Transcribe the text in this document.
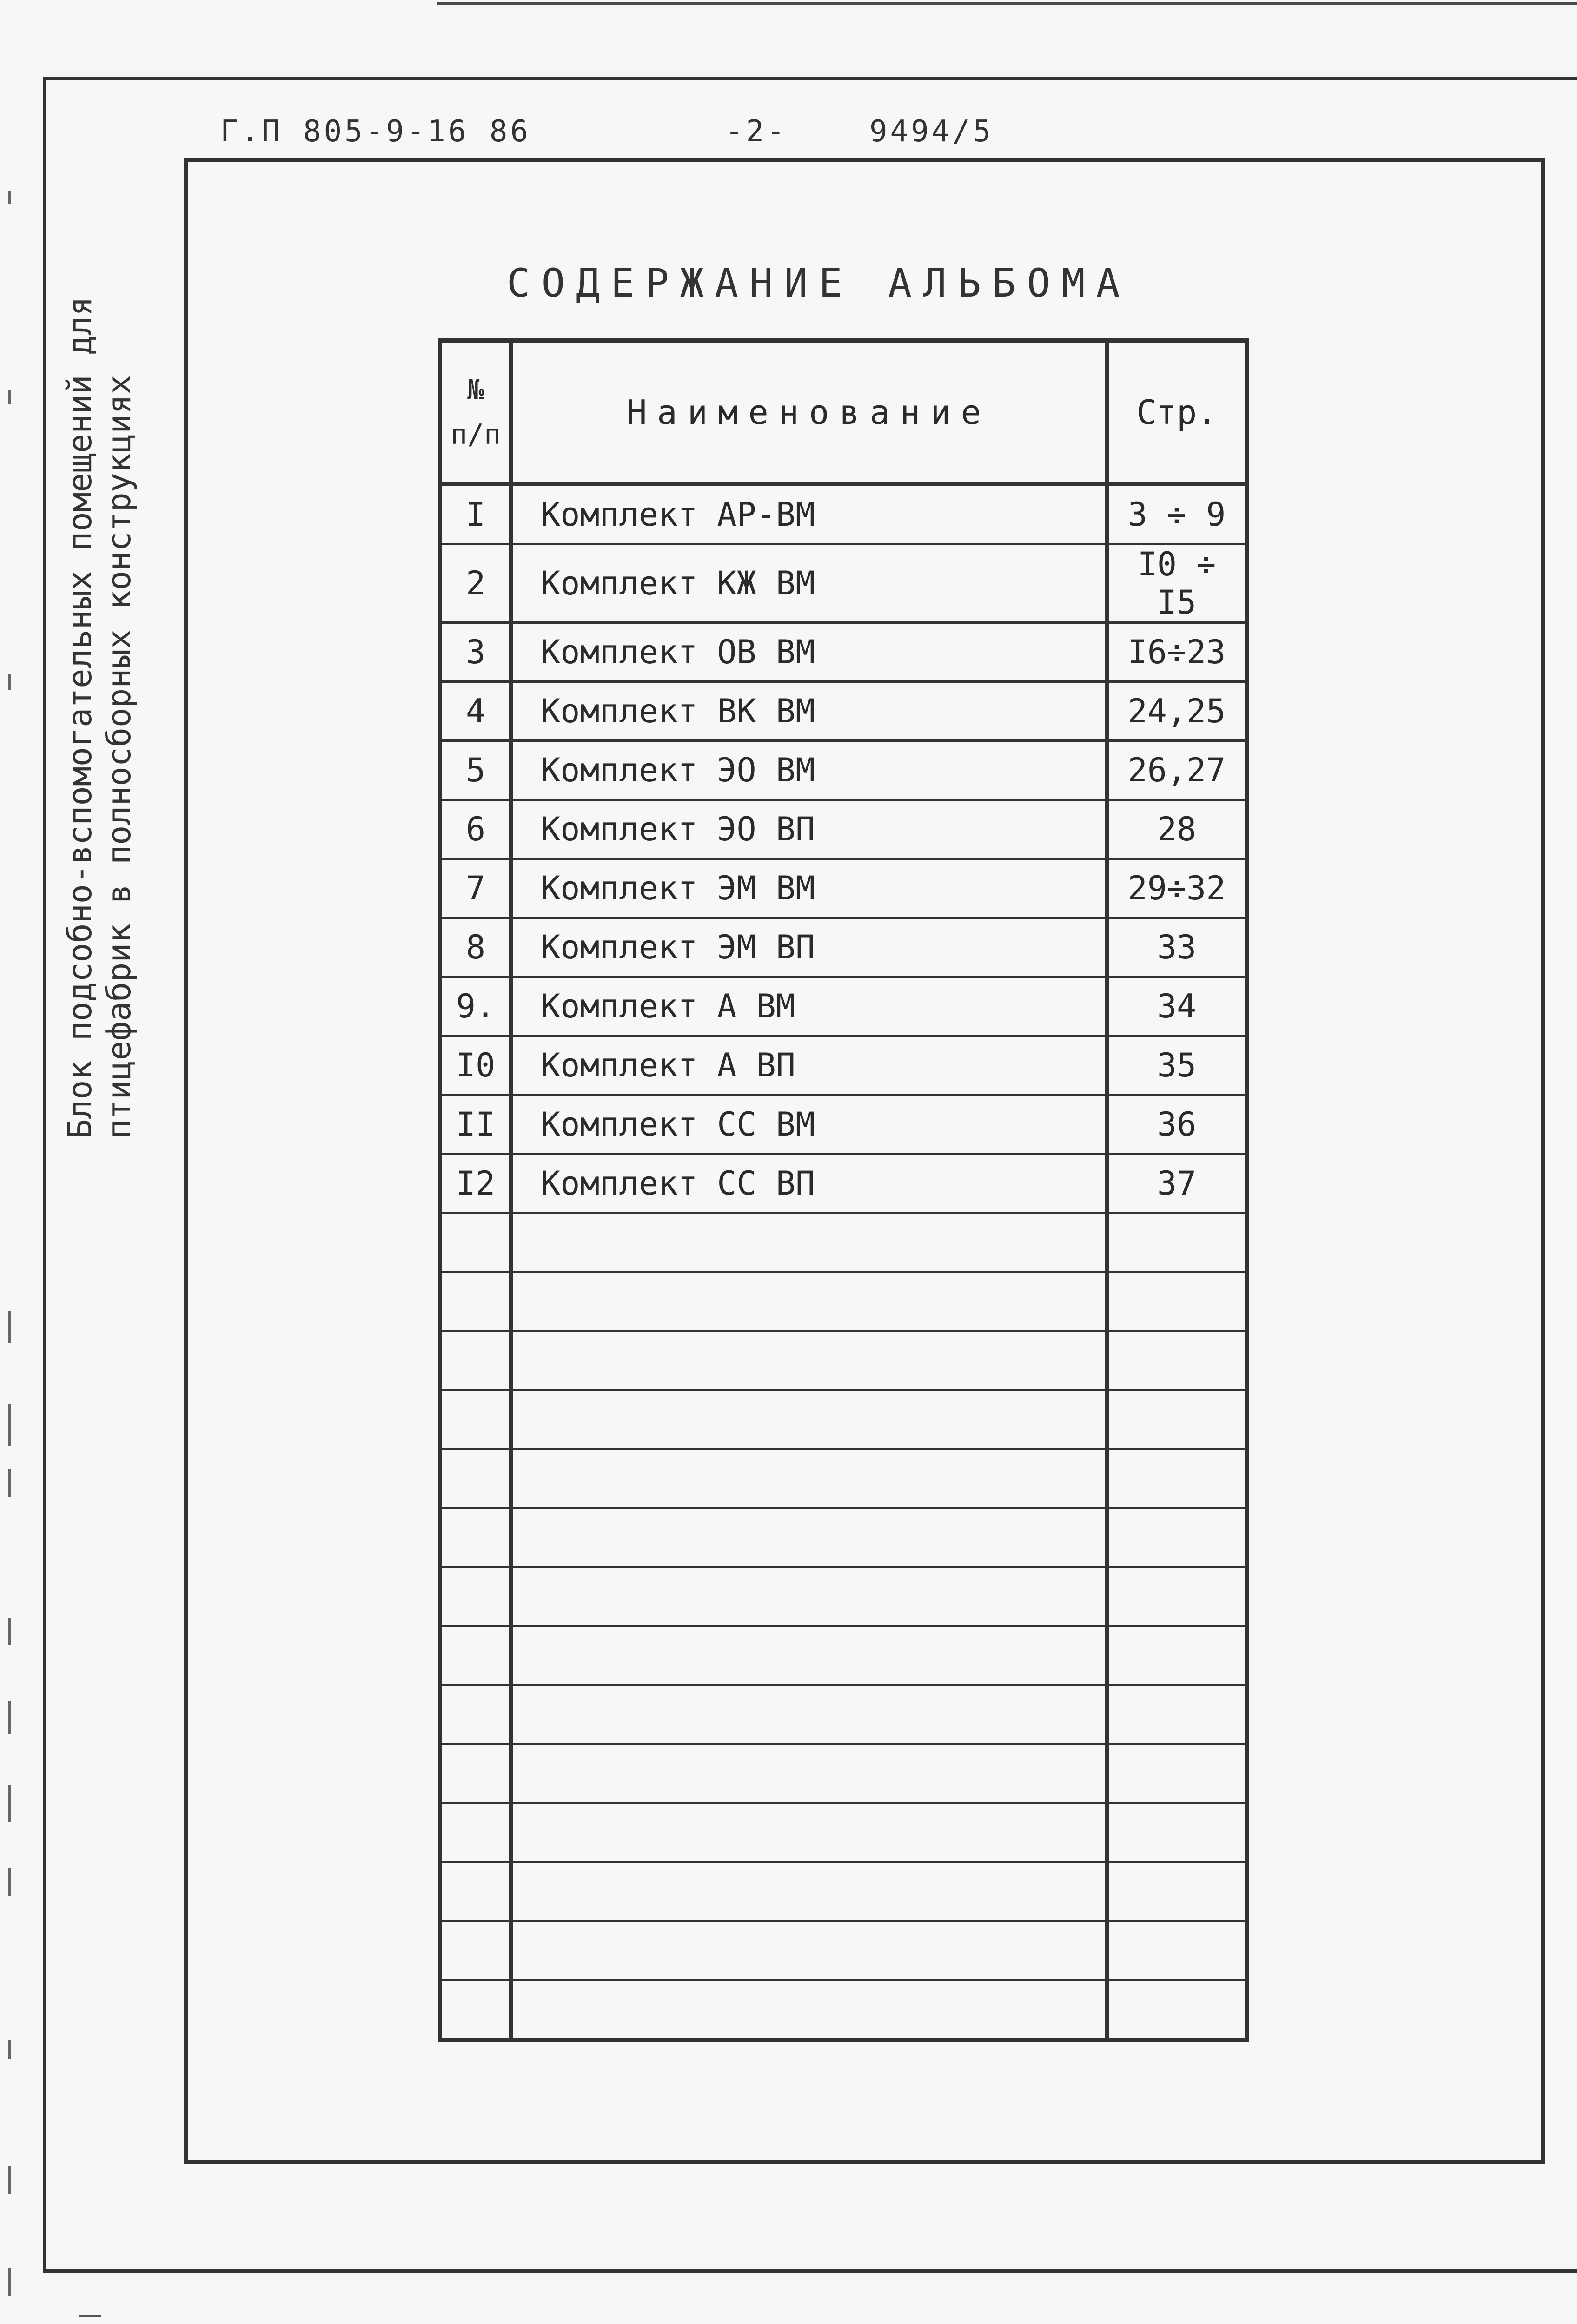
Г.П 805-9-16 86	-2-	9494/5
Блок подсобно-вспомогательных помещений для птицефабрик в полносборных конструкциях
СОДЕРЖАНИЕ АЛЬБОМА
№ п/п	Наименование	Стр.
I	Комплект АР-ВМ	3 ÷ 9
2	Комплект КЖ ВМ	I0 ÷ I5
3	Комплект ОВ ВМ	I6÷23
4	Комплект ВК ВМ	24,25
5	Комплект ЭО ВМ	26,27
6	Комплект ЭО ВП	28
7	Комплект ЭМ ВМ	29÷32
8	Комплект ЭМ ВП	33
9.	Комплект А ВМ	34
I0	Комплект А ВП	35
II	Комплект СС ВМ	36
I2	Комплект СС ВП	37
